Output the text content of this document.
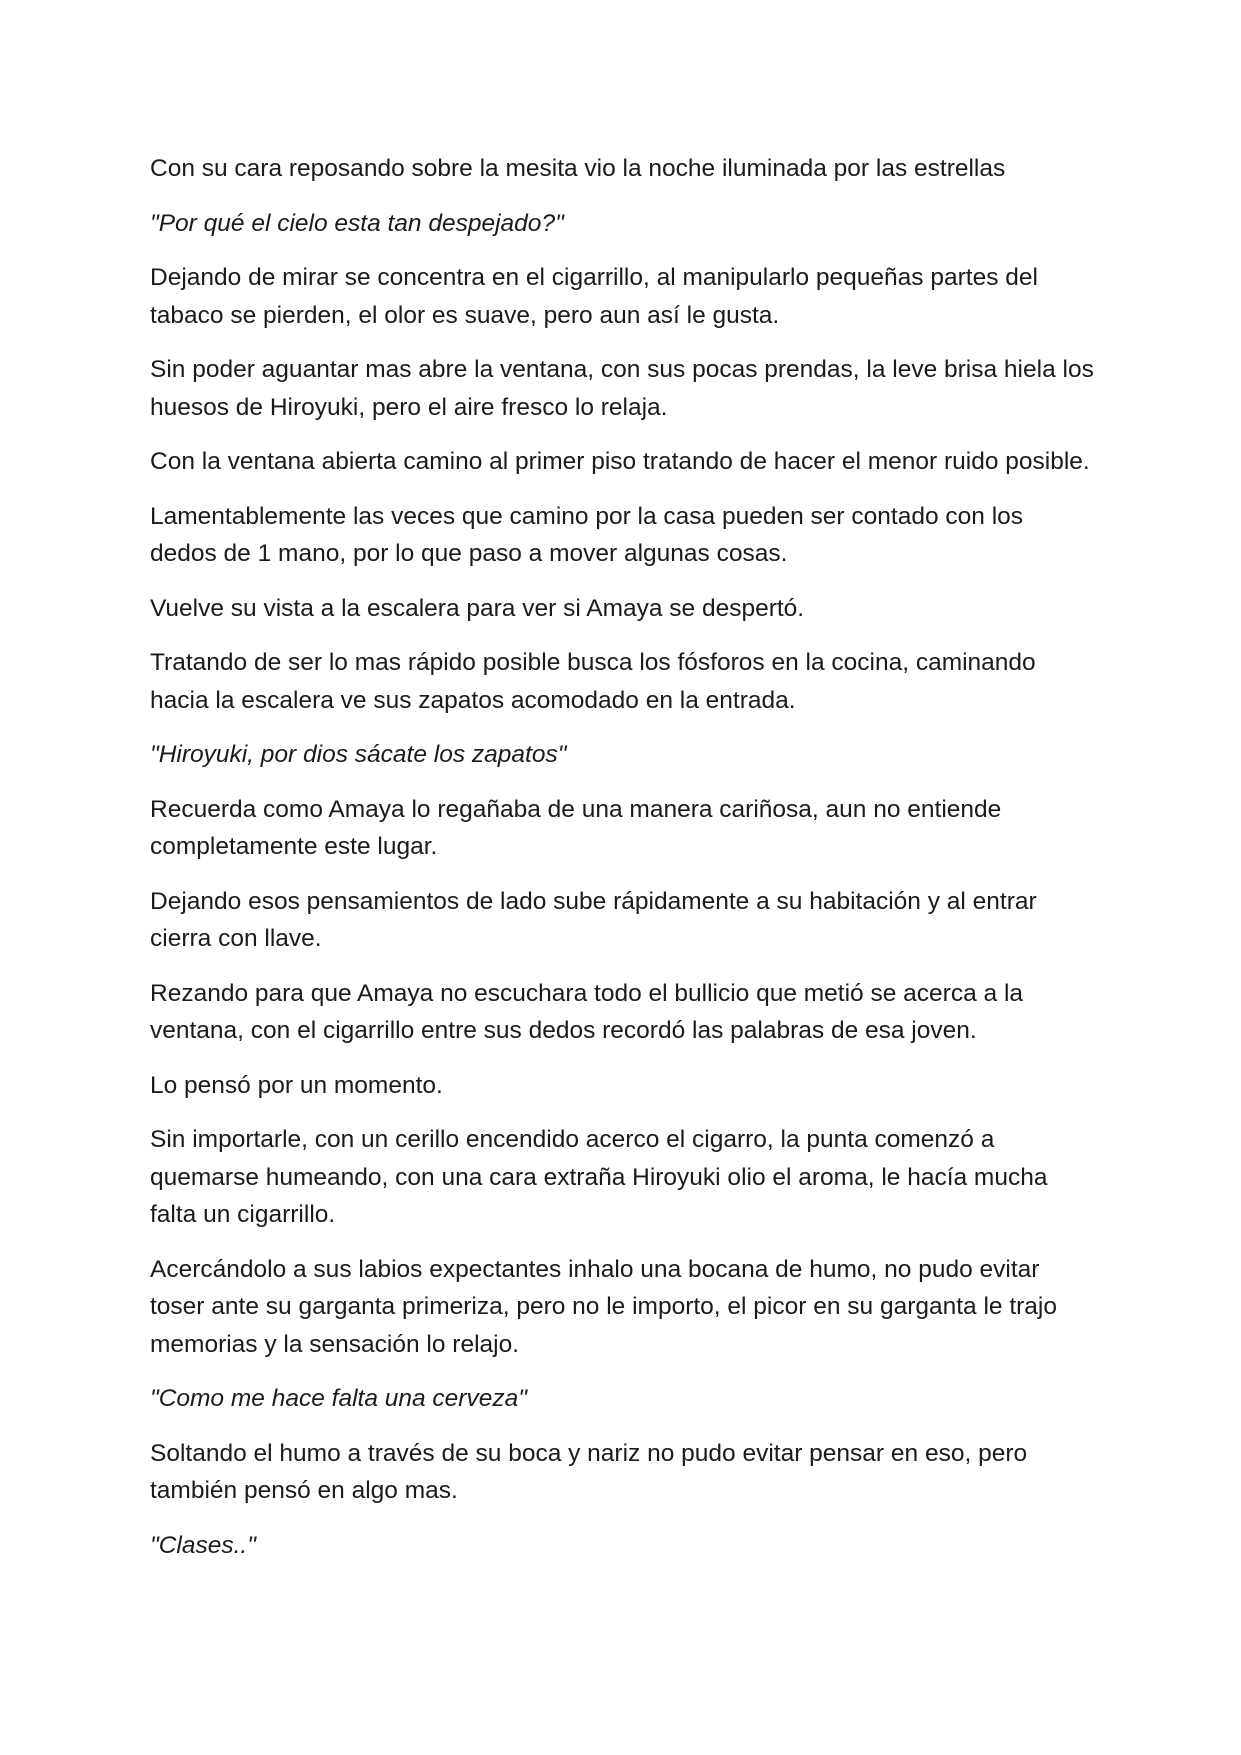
Con su cara reposando sobre la mesita vio la noche iluminada por las estrellas

"Por qué el cielo esta tan despejado?"

Dejando de mirar se concentra en el cigarrillo, al manipularlo pequeñas partes del tabaco se pierden, el olor es suave, pero aun así le gusta.

Sin poder aguantar mas abre la ventana, con sus pocas prendas, la leve brisa hiela los huesos de Hiroyuki, pero el aire fresco lo relaja.

Con la ventana abierta camino al primer piso tratando de hacer el menor ruido posible.

Lamentablemente las veces que camino por la casa pueden ser contado con los dedos de 1 mano, por lo que paso a mover algunas cosas.

Vuelve su vista a la escalera para ver si Amaya se despertó.

Tratando de ser lo mas rápido posible busca los fósforos en la cocina, caminando hacia la escalera ve sus zapatos acomodado en la entrada.

"Hiroyuki, por dios sácate los zapatos"

Recuerda como Amaya lo regañaba de una manera cariñosa, aun no entiende completamente este lugar.

Dejando esos pensamientos de lado sube rápidamente a su habitación y al entrar cierra con llave.

Rezando para que Amaya no escuchara todo el bullicio que metió se acerca a la ventana, con el cigarrillo entre sus dedos recordó las palabras de esa joven.

Lo pensó por un momento.

Sin importarle, con un cerillo encendido acerco el cigarro, la punta comenzó a quemarse humeando, con una cara extraña Hiroyuki olio el aroma, le hacía mucha falta un cigarrillo.

Acercándolo a sus labios expectantes inhalo una bocana de humo, no pudo evitar toser ante su garganta primeriza, pero no le importo, el picor en su garganta le trajo memorias y la sensación lo relajo.

"Como me hace falta una cerveza"

Soltando el humo a través de su boca y nariz no pudo evitar pensar en eso, pero también pensó en algo mas.

"Clases.."
